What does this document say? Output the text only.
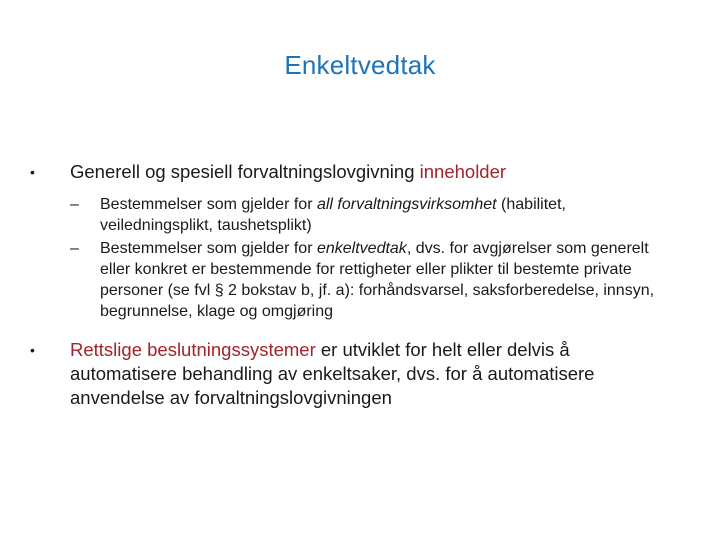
Enkeltvedtak
•	Generell og spesiell forvaltningslovgivning inneholder
–	Bestemmelser som gjelder for all forvaltningsvirksomhet (habilitet, veiledningsplikt, taushetsplikt)
–	Bestemmelser som gjelder for enkeltvedtak, dvs. for avgjørelser som generelt eller konkret er bestemmende for rettigheter eller plikter til bestemte private personer (se fvl § 2 bokstav b, jf. a): forhåndsvarsel, saksforberedelse, innsyn, begrunnelse, klage og omgjøring
•	Rettslige beslutningssystemer er utviklet for helt eller delvis å automatisere behandling av enkeltsaker, dvs. for å automatisere anvendelse av forvaltningslovgivningen
